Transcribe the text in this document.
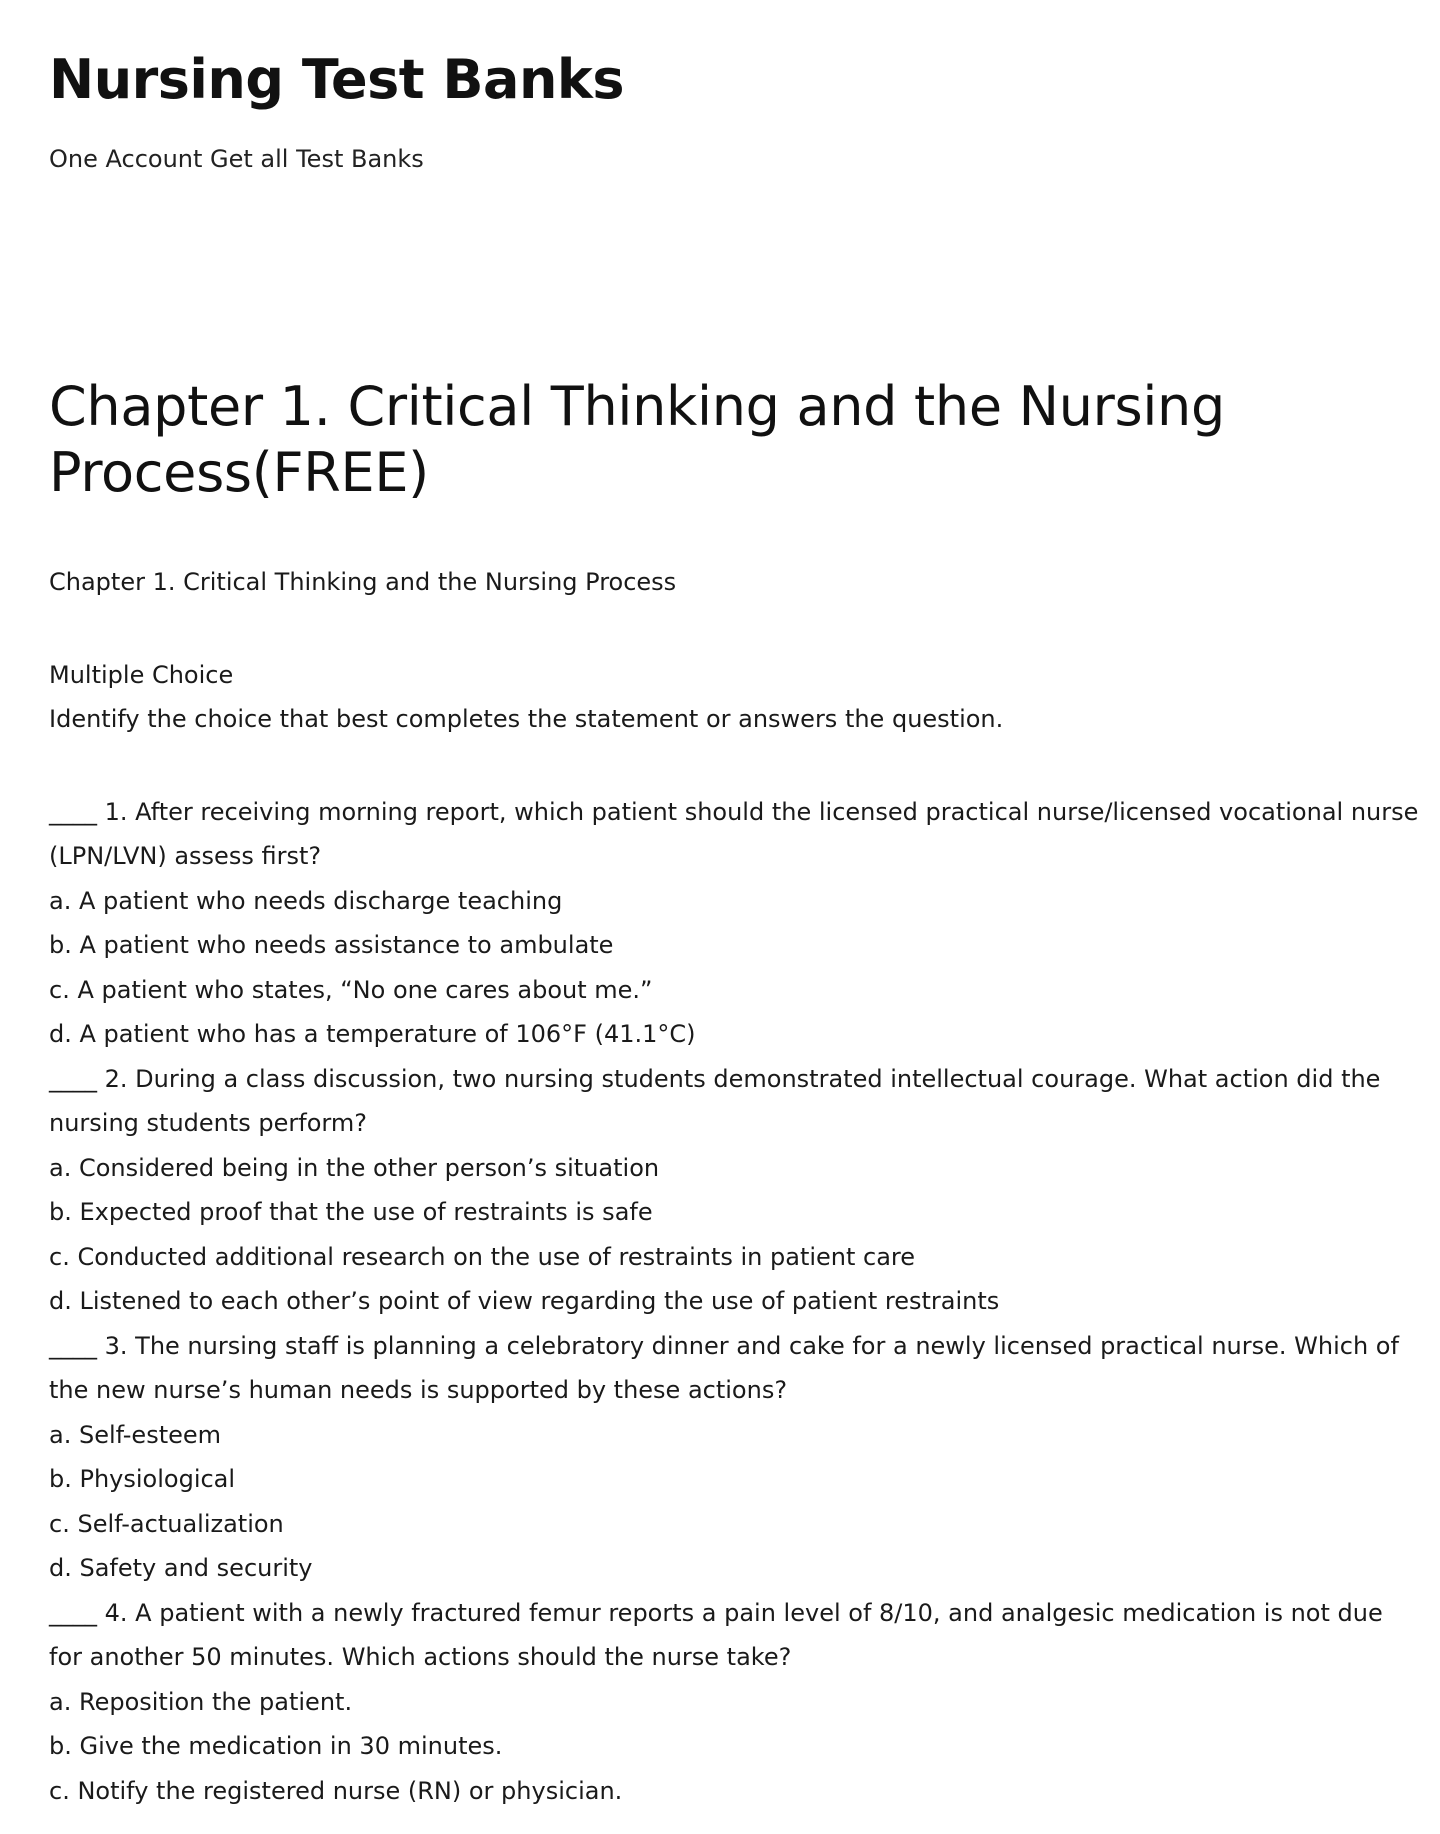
Nursing Test Banks

One Account Get all Test Banks

Chapter 1. Critical Thinking and the Nursing Process(FREE)

Chapter 1. Critical Thinking and the Nursing Process

Multiple Choice

Identify the choice that best completes the statement or answers the question.

____ 1. After receiving morning report, which patient should the licensed practical nurse/licensed vocational nurse (LPN/LVN) assess first?

a. A patient who needs discharge teaching

b. A patient who needs assistance to ambulate

c. A patient who states, “No one cares about me.”

d. A patient who has a temperature of 106°F (41.1°C)

____ 2. During a class discussion, two nursing students demonstrated intellectual courage. What action did the nursing students perform?

a. Considered being in the other person’s situation

b. Expected proof that the use of restraints is safe

c. Conducted additional research on the use of restraints in patient care

d. Listened to each other’s point of view regarding the use of patient restraints

____ 3. The nursing staff is planning a celebratory dinner and cake for a newly licensed practical nurse. Which of the new nurse’s human needs is supported by these actions?

a. Self-esteem

b. Physiological

c. Self-actualization

d. Safety and security

____ 4. A patient with a newly fractured femur reports a pain level of 8/10, and analgesic medication is not due for another 50 minutes. Which actions should the nurse take?

a. Reposition the patient.

b. Give the medication in 30 minutes.

c. Notify the registered nurse (RN) or physician.
